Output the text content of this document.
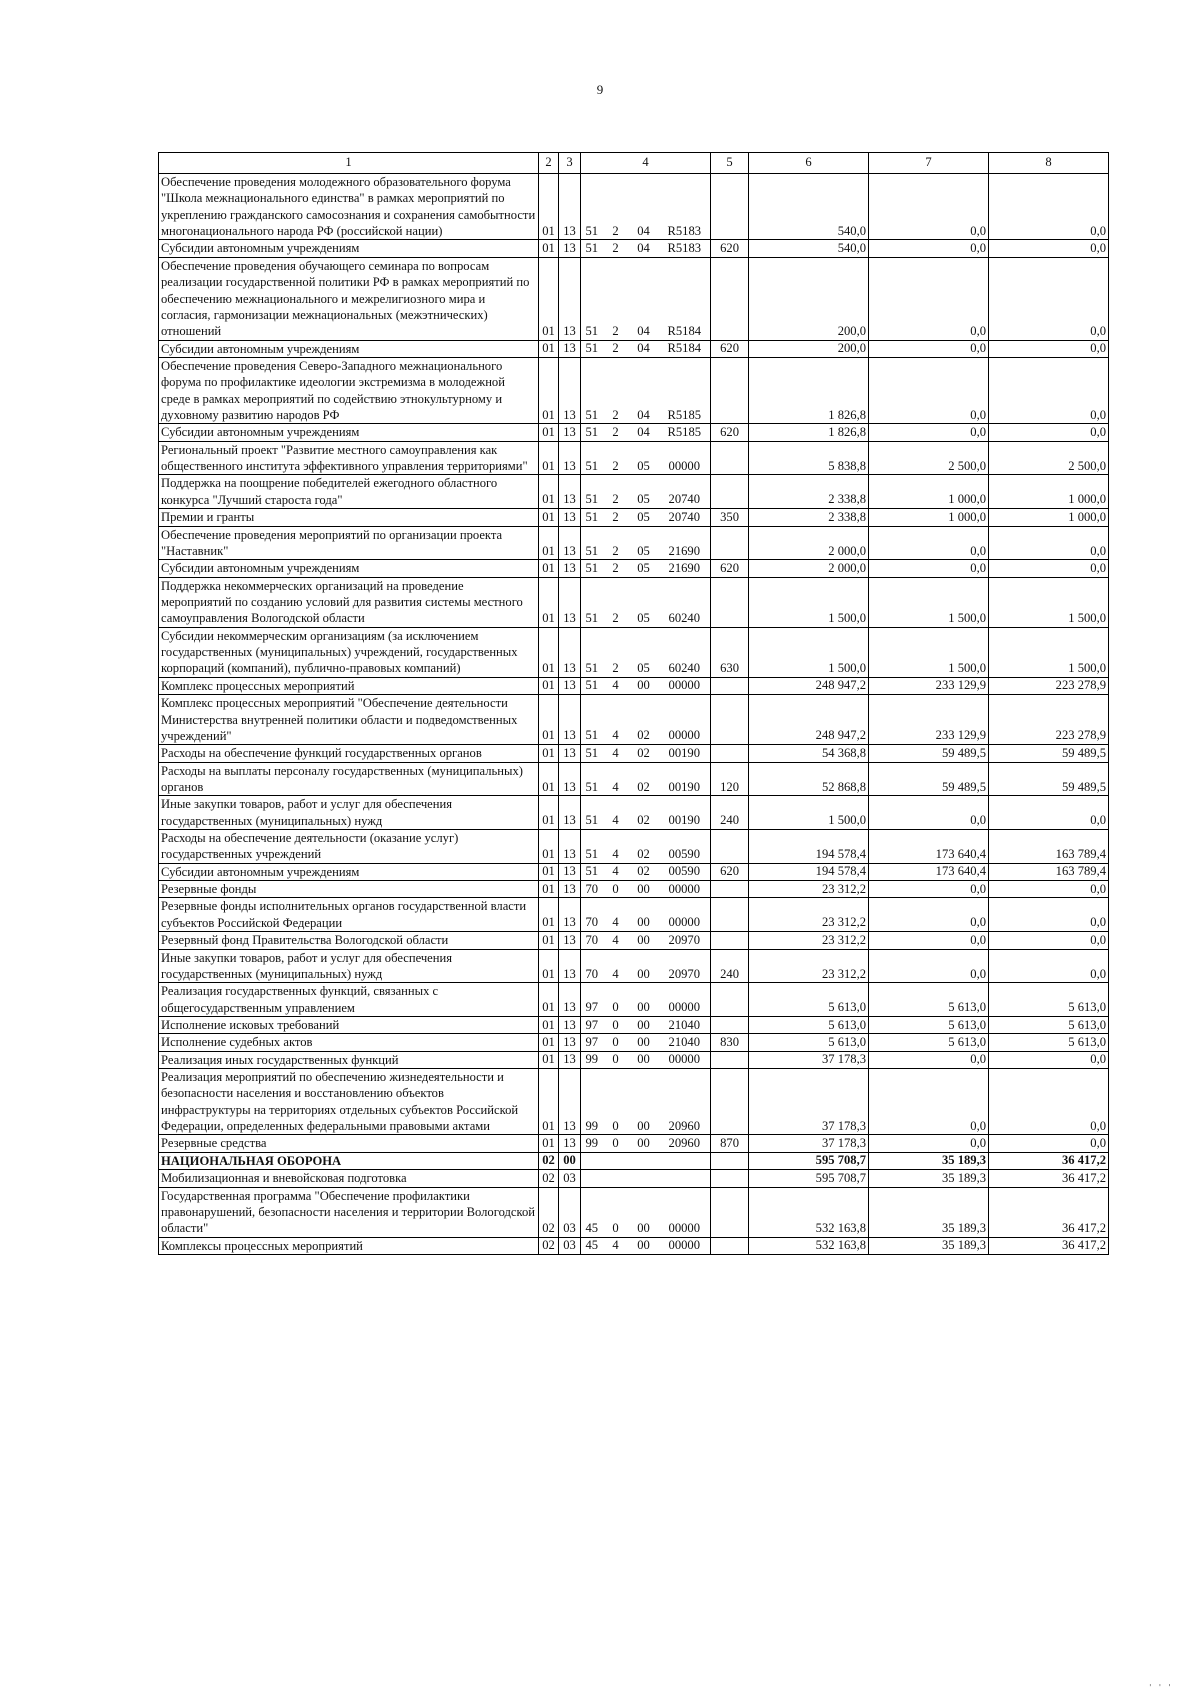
9
1	2	3	4				5	6	7	8
Обеспечение проведения молодежного образовательного форума "Школа межнационального единства" в рамках мероприятий по укреплению гражданского самосознания и сохранения самобытности многонационального народа РФ (российской нации)	01	13	51	2	04	R5183		540,0	0,0	0,0
Субсидии автономным учреждениям	01	13	51	2	04	R5183	620	540,0	0,0	0,0
Обеспечение проведения обучающего семинара по вопросам реализации государственной политики РФ в рамках мероприятий по обеспечению межнационального и межрелигиозного мира и согласия, гармонизации межнациональных (межэтнических) отношений	01	13	51	2	04	R5184		200,0	0,0	0,0
Субсидии автономным учреждениям	01	13	51	2	04	R5184	620	200,0	0,0	0,0
Обеспечение проведения Северо-Западного межнационального форума по профилактике идеологии экстремизма в молодежной среде в рамках мероприятий по содействию этнокультурному и духовному развитию народов РФ	01	13	51	2	04	R5185		1 826,8	0,0	0,0
Субсидии автономным учреждениям	01	13	51	2	04	R5185	620	1 826,8	0,0	0,0
Региональный проект "Развитие местного самоуправления как общественного института эффективного управления территориями"	01	13	51	2	05	00000		5 838,8	2 500,0	2 500,0
Поддержка на поощрение победителей ежегодного областного конкурса "Лучший староста года"	01	13	51	2	05	20740		2 338,8	1 000,0	1 000,0
Премии и гранты	01	13	51	2	05	20740	350	2 338,8	1 000,0	1 000,0
Обеспечение проведения мероприятий по организации проекта "Наставник"	01	13	51	2	05	21690		2 000,0	0,0	0,0
Субсидии автономным учреждениям	01	13	51	2	05	21690	620	2 000,0	0,0	0,0
Поддержка некоммерческих организаций на проведение мероприятий по созданию условий для развития системы местного самоуправления Вологодской области	01	13	51	2	05	60240		1 500,0	1 500,0	1 500,0
Субсидии некоммерческим организациям (за исключением государственных (муниципальных) учреждений, государственных корпораций (компаний), публично-правовых компаний)	01	13	51	2	05	60240	630	1 500,0	1 500,0	1 500,0
Комплекс процессных мероприятий	01	13	51	4	00	00000		248 947,2	233 129,9	223 278,9
Комплекс процессных мероприятий "Обеспечение деятельности Министерства внутренней политики области и подведомственных учреждений"	01	13	51	4	02	00000		248 947,2	233 129,9	223 278,9
Расходы на обеспечение функций государственных органов	01	13	51	4	02	00190		54 368,8	59 489,5	59 489,5
Расходы на выплаты персоналу государственных (муниципальных) органов	01	13	51	4	02	00190	120	52 868,8	59 489,5	59 489,5
Иные закупки товаров, работ и услуг для обеспечения государственных (муниципальных) нужд	01	13	51	4	02	00190	240	1 500,0	0,0	0,0
Расходы на обеспечение деятельности (оказание услуг) государственных учреждений	01	13	51	4	02	00590		194 578,4	173 640,4	163 789,4
Субсидии автономным учреждениям	01	13	51	4	02	00590	620	194 578,4	173 640,4	163 789,4
Резервные фонды	01	13	70	0	00	00000		23 312,2	0,0	0,0
Резервные фонды исполнительных органов государственной власти субъектов Российской Федерации	01	13	70	4	00	00000		23 312,2	0,0	0,0
Резервный фонд Правительства Вологодской области	01	13	70	4	00	20970		23 312,2	0,0	0,0
Иные закупки товаров, работ и услуг для обеспечения государственных (муниципальных) нужд	01	13	70	4	00	20970	240	23 312,2	0,0	0,0
Реализация государственных функций, связанных с общегосударственным управлением	01	13	97	0	00	00000		5 613,0	5 613,0	5 613,0
Исполнение исковых требований	01	13	97	0	00	21040		5 613,0	5 613,0	5 613,0
Исполнение судебных актов	01	13	97	0	00	21040	830	5 613,0	5 613,0	5 613,0
Реализация иных государственных функций	01	13	99	0	00	00000		37 178,3	0,0	0,0
Реализация мероприятий по обеспечению жизнедеятельности и безопасности населения и восстановлению объектов инфраструктуры на территориях отдельных субъектов Российской Федерации, определенных федеральными правовыми актами	01	13	99	0	00	20960		37 178,3	0,0	0,0
Резервные средства	01	13	99	0	00	20960	870	37 178,3	0,0	0,0
НАЦИОНАЛЬНАЯ ОБОРОНА	02	00						595 708,7	35 189,3	36 417,2
Мобилизационная и вневойсковая подготовка	02	03						595 708,7	35 189,3	36 417,2
Государственная программа "Обеспечение профилактики правонарушений, безопасности населения и территории Вологодской области"	02	03	45	0	00	00000		532 163,8	35 189,3	36 417,2
Комплексы процессных мероприятий	02	03	45	4	00	00000		532 163,8	35 189,3	36 417,2
' ' '
